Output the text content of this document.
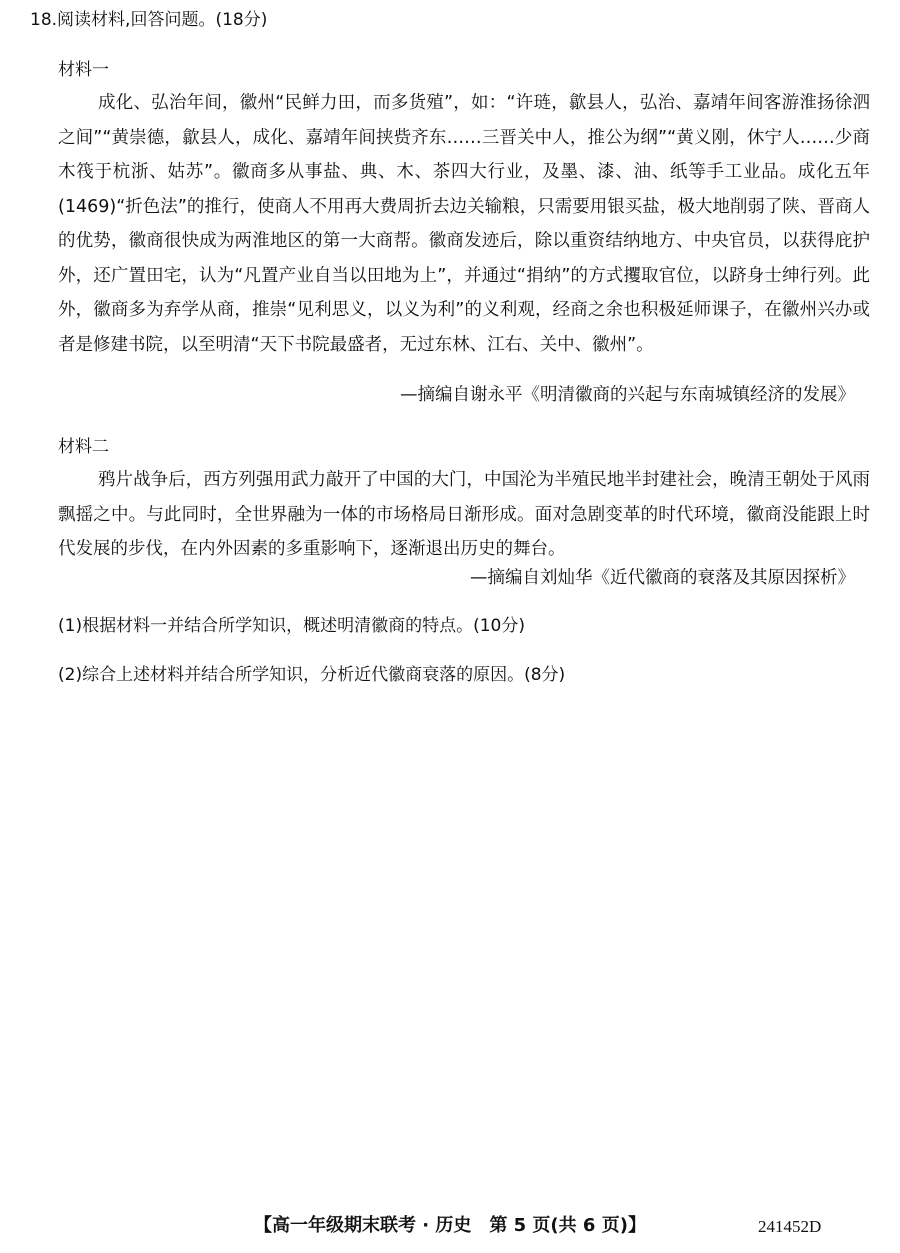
18.阅读材料,回答问题。(18分)
材料一

成化、弘治年间，徽州“民鲜力田，而多货殖”，如：“许琏，歙县人，弘治、嘉靖年间客游淮扬徐泗之间”“黄崇德，歙县人，成化、嘉靖年间挟赀齐东……三晋关中人，推公为纲”“黄义刚，休宁人……少商木筏于杭浙、姑苏”。徽商多从事盐、典、木、茶四大行业，及墨、漆、油、纸等手工业品。成化五年(1469)“折色法”的推行，使商人不用再大费周折去边关输粮，只需要用银买盐，极大地削弱了陕、晋商人的优势，徽商很快成为两淮地区的第一大商帮。徽商发迹后，除以重资结纳地方、中央官员，以获得庇护外，还广置田宅，认为“凡置产业自当以田地为上”，并通过“捐纳”的方式攫取官位，以跻身士绅行列。此外，徽商多为弃学从商，推崇“见利思义，以义为利”的义利观，经商之余也积极延师课子，在徽州兴办或者是修建书院，以至明清“天下书院最盛者，无过东林、江右、关中、徽州”。

—摘编自谢永平《明清徽商的兴起与东南城镇经济的发展》
材料二

鸦片战争后，西方列强用武力敲开了中国的大门，中国沦为半殖民地半封建社会，晚清王朝处于风雨飘摇之中。与此同时，全世界融为一体的市场格局日渐形成。面对急剧变革的时代环境，徽商没能跟上时代发展的步伐，在内外因素的多重影响下，逐渐退出历史的舞台。

—摘编自刘灿华《近代徽商的衰落及其原因探析》
(1)根据材料一并结合所学知识，概述明清徽商的特点。(10分)
(2)综合上述材料并结合所学知识，分析近代徽商衰落的原因。(8分)
【高一年级期末联考 · 历史　第 5 页(共 6 页)】	241452D
